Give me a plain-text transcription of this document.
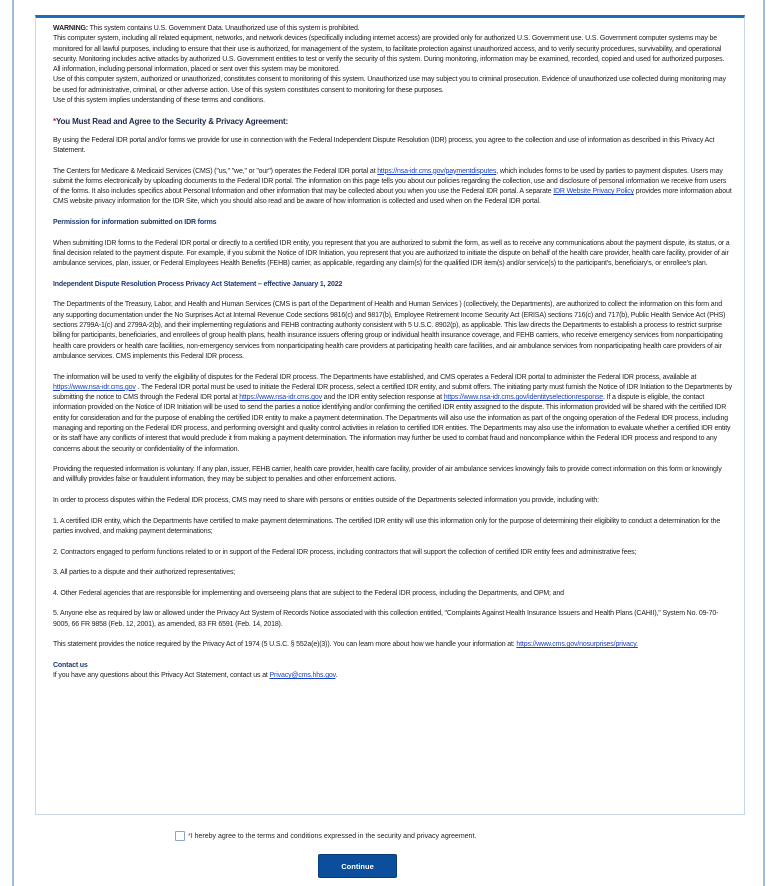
WARNING: This system contains U.S. Government Data. Unauthorized use of this system is prohibited.

This computer system, including all related equipment, networks, and network devices (specifically including internet access) are provided only for authorized U.S. Government use. U.S. Government computer systems may be monitored for all lawful purposes, including to ensure that their use is authorized, for management of the system, to facilitate protection against unauthorized access, and to verify security procedures, survivability, and operational security. Monitoring includes active attacks by authorized U.S. Government entities to test or verify the security of this system. During monitoring, information may be examined, recorded, copied and used for authorized purposes. All information, including personal information, placed or sent over this system may be monitored.

Use of this computer system, authorized or unauthorized, constitutes consent to monitoring of this system. Unauthorized use may subject you to criminal prosecution. Evidence of unauthorized use collected during monitoring may be used for administrative, criminal, or other adverse action. Use of this system constitutes consent to monitoring for these purposes.

Use of this system implies understanding of these terms and conditions.

*You Must Read and Agree to the Security & Privacy Agreement:

By using the Federal IDR portal and/or forms we provide for use in connection with the Federal Independent Dispute Resolution (IDR) process, you agree to the collection and use of information as described in this Privacy Act Statement.

The Centers for Medicare & Medicaid Services (CMS) ("us," "we," or "our") operates the Federal IDR portal at https://nsa-idr.cms.gov/paymentdisputes, which includes forms to be used by parties to payment disputes. Users may submit the forms electronically by uploading documents to the Federal IDR portal. The information on this page tells you about our policies regarding the collection, use and disclosure of personal information we receive from users of the forms. It also includes specifics about Personal Information and other information that may be collected about you when you use the Federal IDR portal. A separate IDR Website Privacy Policy provides more information about CMS website privacy information for the IDR Site, which you should also read and be aware of how information is collected and used when on the Federal IDR portal.

Permission for information submitted on IDR forms

When submitting IDR forms to the Federal IDR portal or directly to a certified IDR entity, you represent that you are authorized to submit the form, as well as to receive any communications about the payment dispute, its status, or a final decision related to the payment dispute. For example, if you submit the Notice of IDR Initiation, you represent that you are authorized to initiate the dispute on behalf of the health care provider, health care facility, provider of air ambulance services, plan, issuer, or Federal Employees Health Benefits (FEHB) carrier, as applicable, regarding any claim(s) for the qualified IDR item(s) and/or service(s) to the participant's, beneficiary's, or enrollee's plan.

Independent Dispute Resolution Process Privacy Act Statement – effective January 1, 2022

The Departments of the Treasury, Labor, and Health and Human Services (CMS is part of the Department of Health and Human Services ) (collectively, the Departments), are authorized to collect the information on this form and any supporting documentation under the No Surprises Act at Internal Revenue Code sections 9816(c) and 9817(b), Employee Retirement Income Security Act (ERISA) sections 716(c) and 717(b), Public Health Service Act (PHS) sections 2799A-1(c) and 2799A-2(b), and their implementing regulations and FEHB contracting authority consistent with 5 U.S.C. 8902(p), as applicable. This law directs the Departments to establish a process to restrict surprise billing for participants, beneficiaries, and enrollees of group health plans, health insurance issuers offering group or individual health insurance coverage, and FEHB carriers, who receive emergency services from nonparticipating health care providers or health care facilities, non-emergency services from nonparticipating health care providers at participating health care facilities, and air ambulance services from nonparticipating health care providers of air ambulance services. CMS implements this Federal IDR process.

The information will be used to verify the eligibility of disputes for the Federal IDR process. The Departments have established, and CMS operates a Federal IDR portal to administer the Federal IDR process, available at https://www.nsa-idr.cms.gov . The Federal IDR portal must be used to initiate the Federal IDR process, select a certified IDR entity, and submit offers. The initiating party must furnish the Notice of IDR Initiation to the Departments by submitting the notice to CMS through the Federal IDR portal at https://www.nsa-idr.cms.gov and the IDR entity selection response at https://www.nsa-idr.cms.gov/identityselectionresponse. If a dispute is eligible, the contact information provided on the Notice of IDR Initiation will be used to send the parties a notice identifying and/or confirming the certified IDR entity assigned to the dispute. This information provided will be shared with the certified IDR entity for consideration and for the purpose of enabling the certified IDR entity to make a payment determination. The Departments will also use the information as part of the ongoing operation of the Federal IDR process, including managing and reporting on the Federal IDR process, and performing oversight and quality control activities in relation to certified IDR entities. The Departments may also use the information to evaluate whether a certified IDR entity or its staff have any conflicts of interest that would preclude it from making a payment determination. The information may further be used to combat fraud and noncompliance within the Federal IDR process and respond to any concerns about the security or confidentiality of the information.

Providing the requested information is voluntary. If any plan, issuer, FEHB carrier, health care provider, health care facility, provider of air ambulance services knowingly fails to provide correct information on this form or knowingly and willfully provides false or fraudulent information, they may be subject to penalties and other enforcement actions.

In order to process disputes within the Federal IDR process, CMS may need to share with persons or entities outside of the Departments selected information you provide, including with:

1. A certified IDR entity, which the Departments have certified to make payment determinations. The certified IDR entity will use this information only for the purpose of determining their eligibility to conduct a determination for the parties involved, and making payment determinations;

2. Contractors engaged to perform functions related to or in support of the Federal IDR process, including contractors that will support the collection of certified IDR entity fees and administrative fees;

3. All parties to a dispute and their authorized representatives;

4. Other Federal agencies that are responsible for implementing and overseeing plans that are subject to the Federal IDR process, including the Departments, and OPM; and

5. Anyone else as required by law or allowed under the Privacy Act System of Records Notice associated with this collection entitled, "Complaints Against Health Insurance Issuers and Health Plans (CAHII)," System No. 09-70-9005, 66 FR 9858 (Feb. 12, 2001), as amended, 83 FR 6591 (Feb. 14, 2018).

This statement provides the notice required by the Privacy Act of 1974 (5 U.S.C. § 552a(e)(3)). You can learn more about how we handle your information at: https://www.cms.gov/nosurprises/privacy.

Contact us

If you have any questions about this Privacy Act Statement, contact us at Privacy@cms.hhs.gov.

* I hereby agree to the terms and conditions expressed in the security and privacy agreement.
Continue
